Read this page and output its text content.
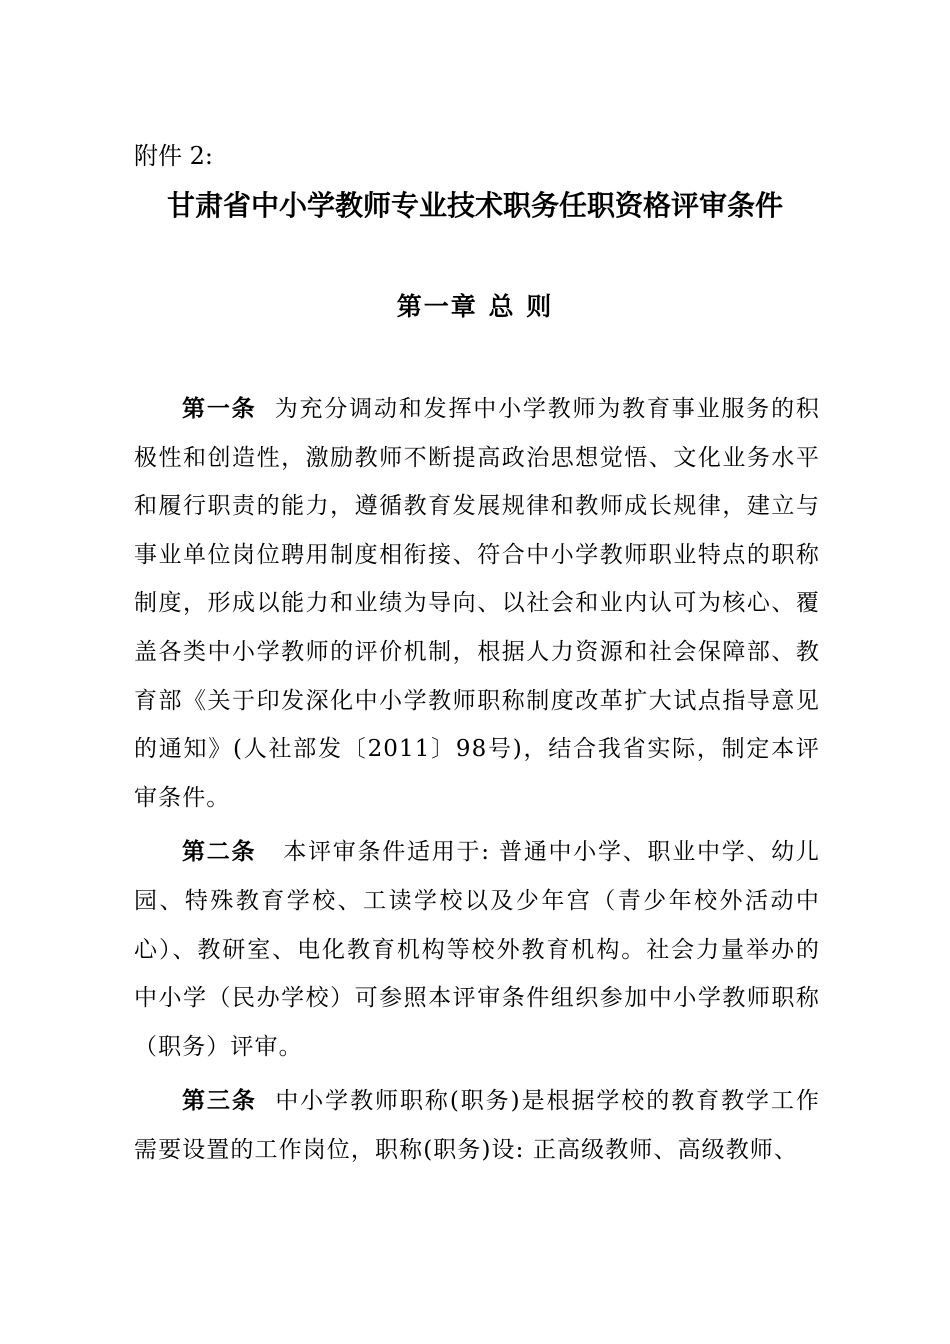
附件 2:
甘肃省中小学教师专业技术职务任职资格评审条件
第一章 总 则

第一条 为充分调动和发挥中小学教师为教育事业服务的积极性和创造性，激励教师不断提高政治思想觉悟、文化业务水平和履行职责的能力，遵循教育发展规律和教师成长规律，建立与事业单位岗位聘用制度相衔接、符合中小学教师职业特点的职称制度，形成以能力和业绩为导向、以社会和业内认可为核心、覆盖各类中小学教师的评价机制，根据人力资源和社会保障部、教育部《关于印发深化中小学教师职称制度改革扩大试点指导意见的通知》(人社部发〔2011〕98号)，结合我省实际，制定本评审条件。

第二条 本评审条件适用于: 普通中小学、职业中学、幼儿园、特殊教育学校、工读学校以及少年宫（青少年校外活动中心）、教研室、电化教育机构等校外教育机构。社会力量举办的中小学（民办学校）可参照本评审条件组织参加中小学教师职称（职务）评审。

第三条 中小学教师职称(职务)是根据学校的教育教学工作需要设置的工作岗位，职称(职务)设: 正高级教师、高级教师、
